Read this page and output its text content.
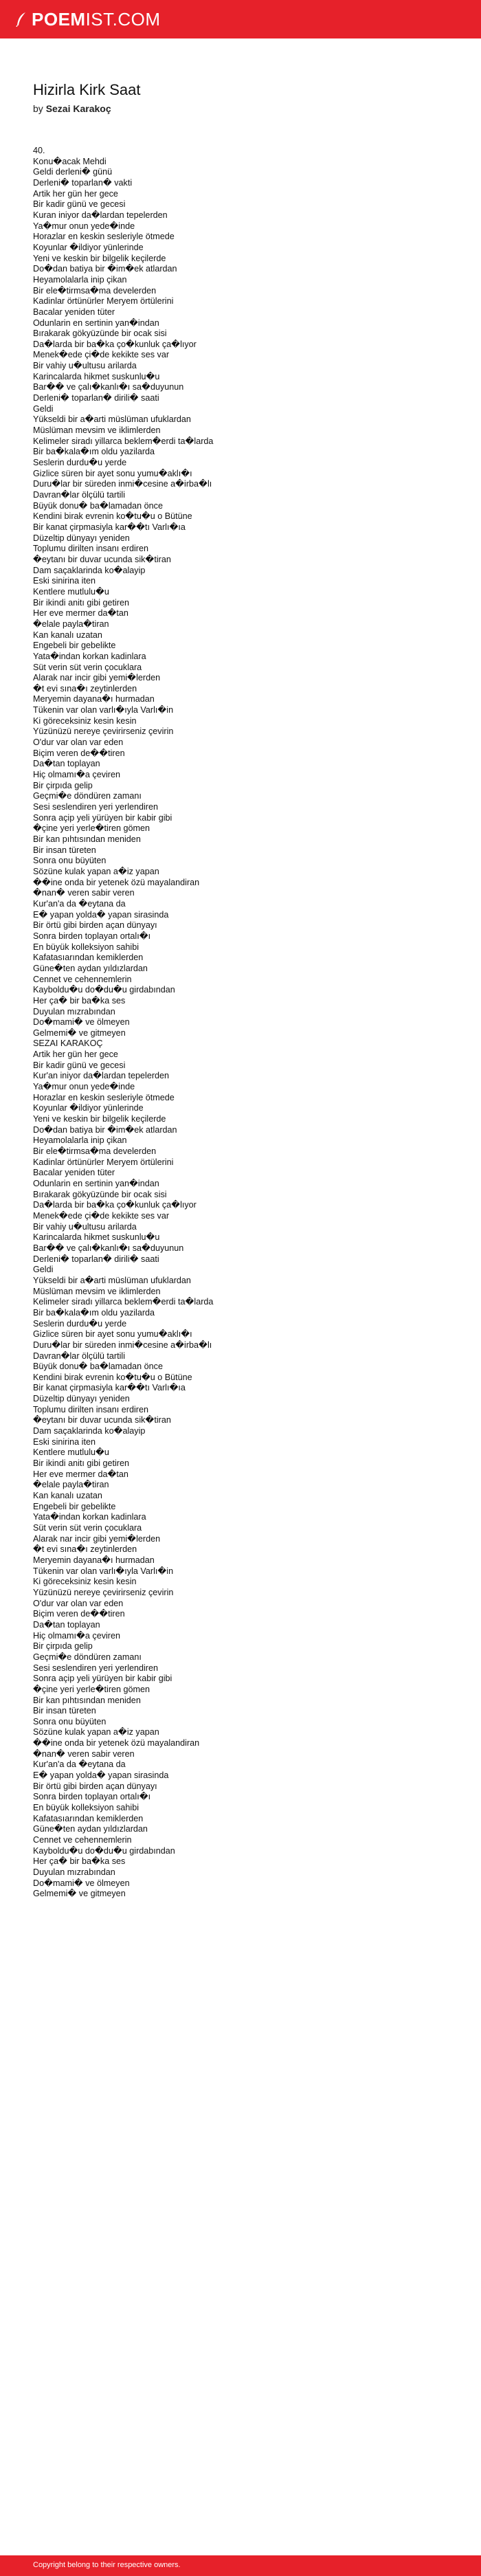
POEM IST.COM
Hizirla Kirk Saat
by Sezai Karakoç
40.
Konu�acak Mehdi
Geldi derleni� günü
Derleni� toparlan� vakti
Artik her gün her gece
Bir kadir günü ve gecesi
Kuran iniyor da�lardan tepelerden
Ya�mur onun yede�inde
Horazlar en keskin sesleriyle ötmede
Koyunlar �ildiyor yünlerinde
Yeni ve keskin bir bilgelik keçilerde
Do�dan batiya bir �im�ek atlardan
Heyamolalarla inip çikan
Bir ele�tirmsa�ma develerden
Kadinlar örtünürler Meryem örtülerini
Bacalar yeniden tüter
Odunlarin en sertinin yan�indan
Bırakarak gökyüzünde bir ocak sisi
Da�larda bir ba�ka ço�kunluk ça�lıyor
Menek�ede çi�de kekikte ses var
Bir vahiy u�ultusu arilarda
Karincalarda hikmet suskunlu�u
Bar�� ve çalı�kanlı�ı sa�duyunun
Derleni� toparlan� dirili� saati
Geldi
Yükseldi bir a�arti müslüman ufuklardan
Müslüman mevsim ve iklimlerden
Kelimeler siradı yillarca beklem�erdi ta�larda
Bir ba�kala�ım oldu yazilarda
Seslerin durdu�u yerde
Gizlice süren bir ayet sonu yumu�aklı�ı
Duru�lar bir süreden inmi�cesine a�irba�lı
Davran�lar ölçülü tartili
Büyük donu� ba�lamadan önce
Kendini birak evrenin ko�tu�u o Bütüne
Bir kanat çirpmasiyla kar��tı Varlı�ıa
Düzeltip dünyayı yeniden
Toplumu dirilten insanı erdiren
�eytanı bir duvar ucunda sik�tiran
Dam saçaklarinda ko�alayip
Eski sinirina iten
Kentlere mutlulu�u
Bir ikindi anitı gibi getiren
Her eve mermer da�tan
�elale payla�tiran
Kan kanalı uzatan
Engebeli bir gebelikte
Yata�indan korkan kadinlara
Süt verin süt verin çocuklara
Alarak nar incir gibi yemi�lerden
�t evi sına�ı zeytinlerden
Meryemin dayana�ı hurmadan
Tükenin var olan varlı�ıyla Varlı�in
Ki göreceksiniz kesin kesin
Yüzünüzü nereye çevirirseniz çevirin
O'dur var olan var eden
Biçim veren de��tiren
Da�tan toplayan
Hiç olmamı�a çeviren
Bir çirpıda gelip
Geçmi�e döndüren zamanı
Sesi seslendiren yeri yerlendiren
Sonra açip yeli yürüyen bir kabir gibi
�çine yeri yerle�tiren gömen
Bir kan pıhtısından meniden
Bir insan türeten
Sonra onu büyüten
Sözüne kulak yapan a�iz yapan
��ine onda bir yetenek özü mayalandiran
�nan� veren sabir veren
Kur'an'a da �eytana da
E� yapan yolda� yapan sirasinda
Bir örtü gibi birden açan dünyayı
Sonra birden toplayan ortalı�ı
En büyük kolleksiyon sahibi
Kafatasıarından kemiklerden
Güne�ten aydan yıldızlardan
Cennet ve cehennemlerin
Kayboldu�u do�du�u girdabından
Her ça� bir ba�ka ses
Duyulan mızrabından
Do�mami� ve ölmeyen
Gelmemi� ve gitmeyen
SEZAI KARAKOÇ
Artik her gün her gece
Bir kadir günü ve gecesi
Kur'an iniyor da�lardan tepelerden
Ya�mur onun yede�inde
Horazlar en keskin sesleriyle ötmede
Koyunlar �ildiyor yünlerinde
Yeni ve keskin bir bilgelik keçilerde
Do�dan batiya bir �im�ek atlardan
Heyamolalarla inip çikan
Bir ele�tirmsa�ma develerden
Kadinlar örtünürler Meryem örtülerini
Bacalar yeniden tüter
Odunlarin en sertinin yan�indan
Bırakarak gökyüzünde bir ocak sisi
Da�larda bir ba�ka ço�kunluk ça�lıyor
Menek�ede çi�de kekikte ses var
Bir vahiy u�ultusu arilarda
Karincalarda hikmet suskunlu�u
Bar�� ve çalı�kanlı�ı sa�duyunun
Derleni� toparlan� dirili� saati
Geldi
Yükseldi bir a�arti müslüman ufuklardan
Müslüman mevsim ve iklimlerden
Kelimeler siradı yillarca beklem�erdi ta�larda
Bir ba�kala�ım oldu yazilarda
Seslerin durdu�u yerde
Gizlice süren bir ayet sonu yumu�aklı�ı
Duru�lar bir süreden inmi�cesine a�irba�lı
Davran�lar ölçülü tartili
Büyük donu� ba�lamadan önce
Kendini birak evrenin ko�tu�u o Bütüne
Bir kanat çirpmasiyla kar��tı Varlı�ıa
Düzeltip dünyayı yeniden
Toplumu dirilten insanı erdiren
�eytanı bir duvar ucunda sik�tiran
Dam saçaklarinda ko�alayip
Eski sinirina iten
Kentlere mutlulu�u
Bir ikindi anitı gibi getiren
Her eve mermer da�tan
�elale payla�tiran
Kan kanalı uzatan
Engebeli bir gebelikte
Yata�indan korkan kadinlara
Süt verin süt verin çocuklara
Alarak nar incir gibi yemi�lerden
�t evi sına�ı zeytinlerden
Meryemin dayana�ı hurmadan
Tükenin var olan varlı�ıyla Varlı�in
Ki göreceksiniz kesin kesin
Yüzünüzü nereye çevirirseniz çevirin
O'dur var olan var eden
Biçim veren de��tiren
Da�tan toplayan
Hiç olmamı�a çeviren
Bir çirpıda gelip
Geçmi�e döndüren zamanı
Sesi seslendiren yeri yerlendiren
Sonra açip yeli yürüyen bir kabir gibi
�çine yeri yerle�tiren gömen
Bir kan pıhtısından meniden
Bir insan türeten
Sonra onu büyüten
Sözüne kulak yapan a�iz yapan
��ine onda bir yetenek özü mayalandiran
�nan� veren sabir veren
Kur'an'a da �eytana da
E� yapan yolda� yapan sirasinda
Bir örtü gibi birden açan dünyayı
Sonra birden toplayan ortalı�ı
En büyük kolleksiyon sahibi
Kafatasıarından kemiklerden
Güne�ten aydan yıldızlardan
Cennet ve cehennemlerin
Kayboldu�u do�du�u girdabından
Her ça� bir ba�ka ses
Duyulan mızrabından
Do�mami� ve ölmeyen
Gelmemi� ve gitmeyen
Copyright belong to their respective owners.
